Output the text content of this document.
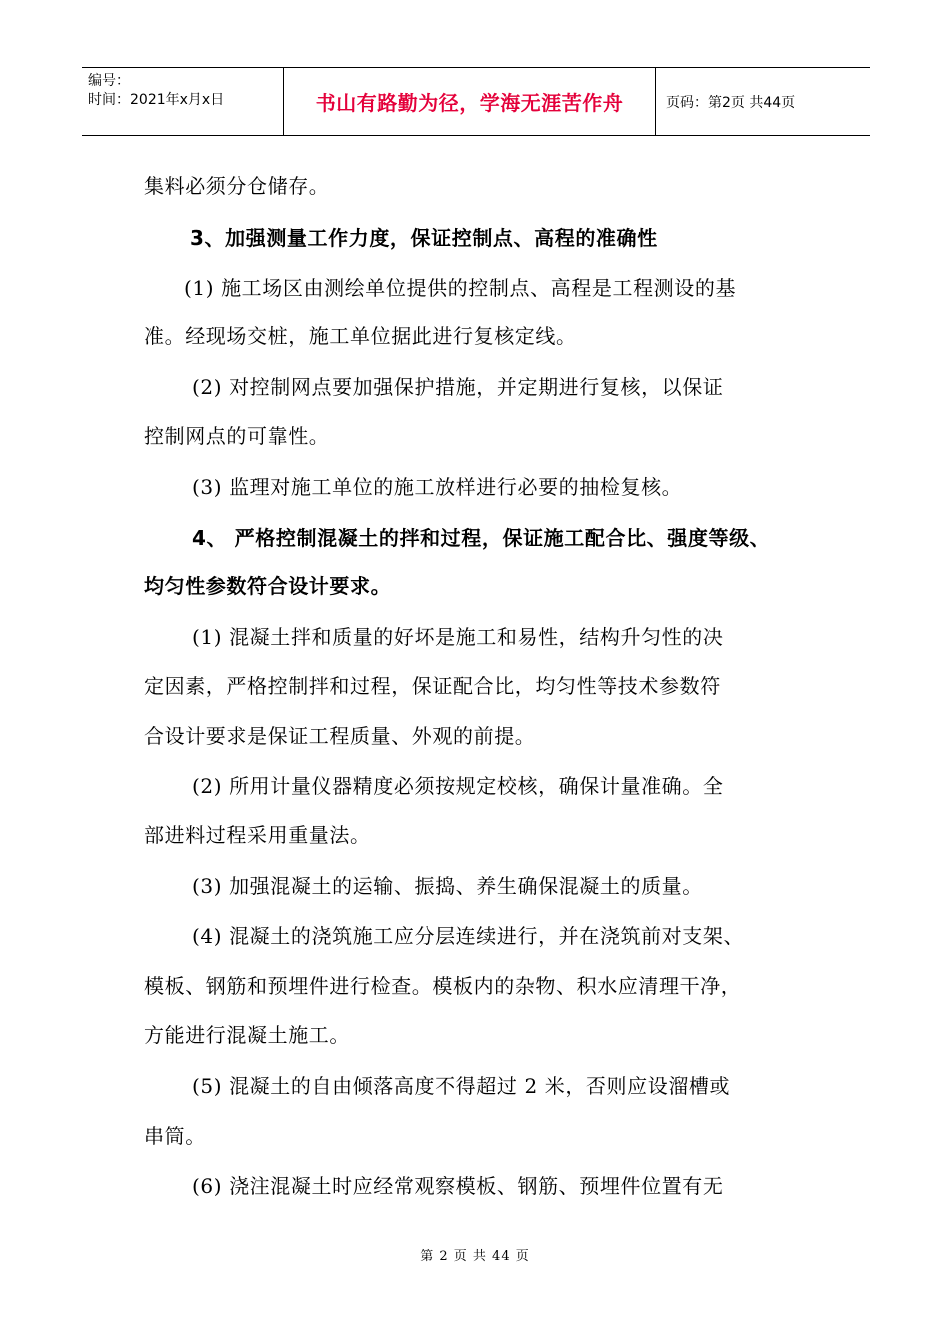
编号：
时间：2021年x月x日	书山有路勤为径，学海无涯苦作舟	页码：第2页 共44页
集料必须分仓储存。
3、加强测量工作力度，保证控制点、高程的准确性
(1) 施工场区由测绘单位提供的控制点、高程是工程测设的基
准。经现场交桩，施工单位据此进行复核定线。
(2) 对控制网点要加强保护措施，并定期进行复核，以保证
控制网点的可靠性。
(3) 监理对施工单位的施工放样进行必要的抽检复核。
4、 严格控制混凝土的拌和过程，保证施工配合比、强度等级、
均匀性参数符合设计要求。
(1) 混凝土拌和质量的好坏是施工和易性，结构升匀性的决
定因素，严格控制拌和过程，保证配合比，均匀性等技术参数符
合设计要求是保证工程质量、外观的前提。
(2) 所用计量仪器精度必须按规定校核，确保计量准确。全
部进料过程采用重量法。
(3) 加强混凝土的运输、振捣、养生确保混凝土的质量。
(4) 混凝土的浇筑施工应分层连续进行，并在浇筑前对支架、
模板、钢筋和预埋件进行检查。模板内的杂物、积水应清理干净，
方能进行混凝土施工。
(5) 混凝土的自由倾落高度不得超过 2 米，否则应设溜槽或
串筒。
(6) 浇注混凝土时应经常观察模板、钢筋、预埋件位置有无
第 2 页 共 44 页
